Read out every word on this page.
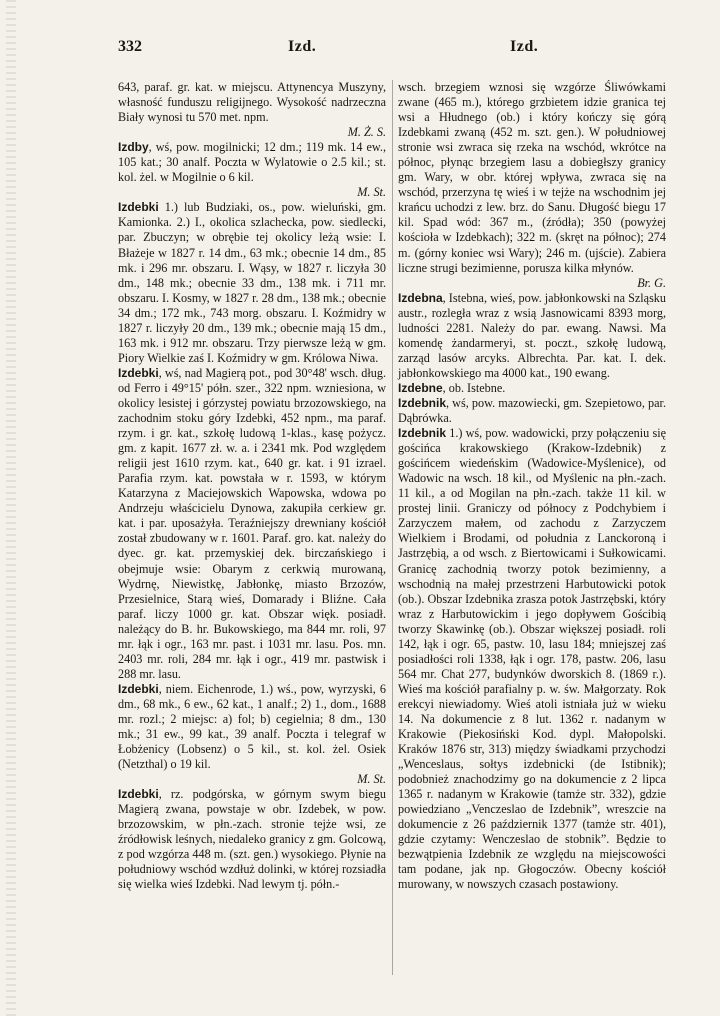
332	Izd.	Izd.

643, paraf. gr. kat. w miejscu. Attynencya Muszyny, własność funduszu religijnego. Wysokość nadrzeczna Biały wynosi tu 570 met. npm.
M. Ż. S.

Izdby, wś, pow. mogilnicki; 12 dm.; 119 mk. 14 ew., 105 kat.; 30 analf. Poczta w Wylatowie o 2.5 kil.; st. kol. żel. w Mogilnie o 6 kil.
M. St.

Izdebki 1.) lub Budziaki, os., pow. wieluński, gm. Kamionka. 2.) I., okolica szlachecka, pow. siedlecki, par. Zbuczyn; w obrębie tej okolicy leżą wsie: I. Błażeje w 1827 r. 14 dm., 63 mk.; obecnie 14 dm., 85 mk. i 296 mr. obszaru. I. Wąsy, w 1827 r. liczyła 30 dm., 148 mk.; obecnie 33 dm., 138 mk. i 711 mr. obszaru. I. Kosmy, w 1827 r. 28 dm., 138 mk.; obecnie 34 dm.; 172 mk., 743 morg. obszaru. I. Koźmidry w 1827 r. liczyły 20 dm., 139 mk.; obecnie mają 15 dm., 163 mk. i 912 mr. obszaru. Trzy pierwsze leżą w gm. Piory Wielkie zaś I. Koźmidry w gm. Królowa Niwa.

Izdebki, wś, nad Magierą pot., pod 30°48' wsch. dług. od Ferro i 49°15' półn. szer., 322 npm. wzniesiona, w okolicy lesistej i górzystej powiatu brzozowskiego, na zachodnim stoku góry Izdebki, 452 npm., ma paraf. rzym. i gr. kat., szkołę ludową 1-klas., kasę pożycz. gm. z kapit. 1677 zł. w. a. i 2341 mk. Pod względem religii jest 1610 rzym. kat., 640 gr. kat. i 91 izrael. Parafia rzym. kat. powstała w r. 1593, w którym Katarzyna z Maciejowskich Wapowska, wdowa po Andrzeju właścicielu Dynowa, zakupiła cerkiew gr. kat. i par. uposażyła. Teraźniejszy drewniany kościół został zbudowany w r. 1601. Paraf. gro. kat. należy do dyec. gr. kat. przemyskiej dek. birczańskiego i obejmuje wsie: Obarym z cerkwią murowaną, Wydrnę, Niewistkę, Jabłonkę, miasto Brzozów, Przesielnice, Starą wieś, Domarady i Bliźne. Cała paraf. liczy 1000 gr. kat. Obszar więk. posiadł. należący do B. hr. Bukowskiego, ma 844 mr. roli, 97 mr. łąk i ogr., 163 mr. past. i 1031 mr. lasu. Pos. mn. 2403 mr. roli, 284 mr. łąk i ogr., 419 mr. pastwisk i 288 mr. lasu.

Izdebki, niem. Eichenrode, 1.) wś., pow, wyrzyski, 6 dm., 68 mk., 6 ew., 62 kat., 1 analf.; 2) 1., dom., 1688 mr. rozl.; 2 miejsc: a) fol; b) cegielnia; 8 dm., 130 mk.; 31 ew., 99 kat., 39 analf. Poczta i telegraf w Łobżenicy (Lobsenz) o 5 kil., st. kol. żel. Osiek (Netzthal) o 19 kil.
M. St.

Izdebki, rz. podgórska, w górnym swym biegu Magierą zwana, powstaje w obr. Izdebek, w pow. brzozowskim, w płn.-zach. stronie tejże wsi, ze źródłowisk leśnych, niedaleko granicy z gm. Golcową, z pod wzgórza 448 m. (szt. gen.) wysokiego. Płynie na południowy wschód wzdłuż dolinki, w której rozsiadła się wielka wieś Izdebki. Nad lewym tj. półn.-

wsch. brzegiem wznosi się wzgórze Śliwówkami zwane (465 m.), którego grzbietem idzie granica tej wsi a Hłudnego (ob.) i który kończy się górą Izdebkami zwaną (452 m. szt. gen.). W południowej stronie wsi zwraca się rzeka na wschód, wkrótce na północ, płynąc brzegiem lasu a dobiegłszy granicy gm. Wary, w obr. której wpływa, zwraca się na wschód, przerzyna tę wieś i w tejże na wschodnim jej krańcu uchodzi z lew. brz. do Sanu. Długość biegu 17 kil. Spad wód: 367 m., (źródła); 350 (powyżej kościoła w Izdebkach); 322 m. (skręt na północ); 274 m. (górny koniec wsi Wary); 246 m. (ujście). Zabiera liczne strugi bezimienne, porusza kilka młynów.
Br. G.

Izdebna, Istebna, wieś, pow. jabłonkowski na Szląsku austr., rozległa wraz z wsią Jasnowicami 8393 morg, ludności 2281. Należy do par. ewang. Nawsi. Ma komendę żandarmeryi, st. poczt., szkołę ludową, zarząd lasów arcyks. Albrechta. Par. kat. I. dek. jabłonkowskiego ma 4000 kat., 190 ewang.

Izdebne, ob. Istebne.

Izdebnik, wś, pow. mazowiecki, gm. Szepietowo, par. Dąbrówka.

Izdebnik 1.) wś, pow. wadowicki, przy połączeniu się gościńca krakowskiego (Krakow-Izdebnik) z gościńcem wiedeńskim (Wadowice-Myślenice), od Wadowic na wsch. 18 kil., od Myślenic na płn.-zach. 11 kil., a od Mogilan na płn.-zach. także 11 kil. w prostej linii. Graniczy od północy z Podchybiem i Zarzyczem małem, od zachodu z Zarzyczem Wielkiem i Brodami, od południa z Lanckoroną i Jastrzębią, a od wsch. z Biertowicami i Sułkowicami. Granicę zachodnią tworzy potok bezimienny, a wschodnią na małej przestrzeni Harbutowicki potok (ob.). Obszar Izdebnika zrasza potok Jastrzębski, który wraz z Harbutowickim i jego dopływem Gościbią tworzy Skawinkę (ob.). Obszar większej posiadł. roli 142, łąk i ogr. 65, pastw. 10, lasu 184; mniejszej zaś posiadłości roli 1338, łąk i ogr. 178, pastw. 206, lasu 564 mr. Chat 277, budynków dworskich 8. (1869 r.). Wieś ma kościół parafialny p. w. św. Małgorzaty. Rok erekcyi niewiadomy. Wieś atoli istniała już w wieku 14. Na dokumencie z 8 lut. 1362 r. nadanym w Krakowie (Piekosiński Kod. dypl. Małopolski. Kraków 1876 str, 313) między świadkami przychodzi „Wenceslaus, sołtys izdebnicki (de Istibnik); podobnież znachodzimy go na dokumencie z 2 lipca 1365 r. nadanym w Krakowie (tamże str. 332), gdzie powiedziano „Venczeslao de Izdebnik”, wreszcie na dokumencie z 26 październik 1377 (tamże str. 401), gdzie czytamy: Wenczeslao de stobnik”. Będzie to bezwątpienia Izdebnik ze względu na miejscowości tam podane, jak np. Głogoczów. Obecny kościół murowany, w nowszych czasach postawiony.
